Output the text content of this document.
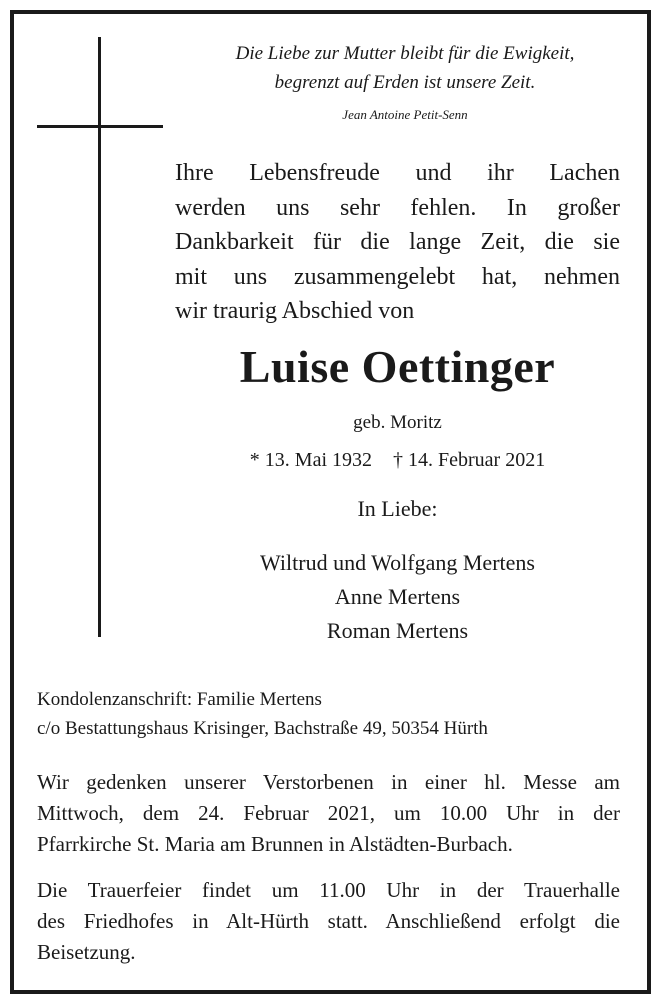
Die Liebe zur Mutter bleibt für die Ewigkeit,
begrenzt auf Erden ist unsere Zeit.
Jean Antoine Petit-Senn
Ihre Lebensfreude und ihr Lachen
werden uns sehr fehlen. In großer
Dankbarkeit für die lange Zeit, die sie
mit uns zusammengelebt hat, nehmen
wir traurig Abschied von
Luise Oettinger
geb. Moritz
* 13. Mai 1932 † 14. Februar 2021
In Liebe:
Wiltrud und Wolfgang Mertens
Anne Mertens
Roman Mertens
Kondolenzanschrift: Familie Mertens
c/o Bestattungshaus Krisinger, Bachstraße 49, 50354 Hürth
Wir gedenken unserer Verstorbenen in einer hl. Messe am
Mittwoch, dem 24. Februar 2021, um 10.00 Uhr in der
Pfarrkirche St. Maria am Brunnen in Alstädten-Burbach.
Die Trauerfeier findet um 11.00 Uhr in der Trauerhalle
des Friedhofes in Alt-Hürth statt. Anschließend erfolgt die
Beisetzung.
